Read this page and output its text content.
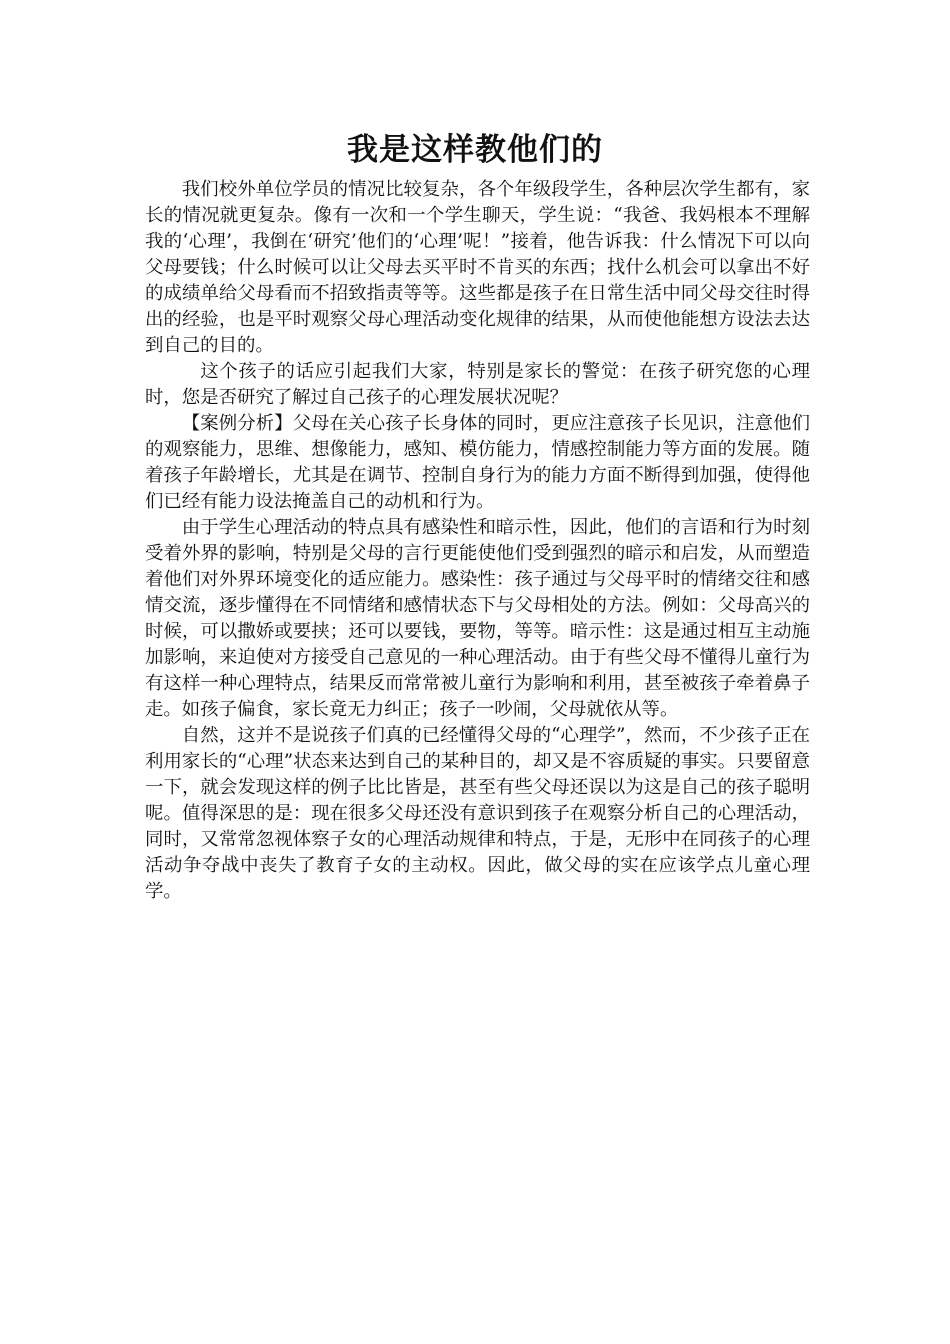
我是这样教他们的

我们校外单位学员的情况比较复杂，各个年级段学生，各种层次学生都有，家长的情况就更复杂。像有一次和一个学生聊天，学生说：“我爸、我妈根本不理解我的‘心理’，我倒在‘研究’他们的‘心理’呢！”接着，他告诉我：什么情况下可以向父母要钱；什么时候可以让父母去买平时不肯买的东西；找什么机会可以拿出不好的成绩单给父母看而不招致指责等等。这些都是孩子在日常生活中同父母交往时得出的经验，也是平时观察父母心理活动变化规律的结果，从而使他能想方设法去达到自己的目的。

这个孩子的话应引起我们大家，特别是家长的警觉：在孩子研究您的心理时，您是否研究了解过自己孩子的心理发展状况呢？

【案例分析】父母在关心孩子长身体的同时，更应注意孩子长见识，注意他们的观察能力，思维、想像能力，感知、模仿能力，情感控制能力等方面的发展。随着孩子年龄增长，尤其是在调节、控制自身行为的能力方面不断得到加强，使得他们已经有能力设法掩盖自己的动机和行为。

由于学生心理活动的特点具有感染性和暗示性，因此，他们的言语和行为时刻受着外界的影响，特别是父母的言行更能使他们受到强烈的暗示和启发，从而塑造着他们对外界环境变化的适应能力。感染性：孩子通过与父母平时的情绪交往和感情交流，逐步懂得在不同情绪和感情状态下与父母相处的方法。例如：父母高兴的时候，可以撒娇或要挟；还可以要钱，要物，等等。暗示性：这是通过相互主动施加影响，来迫使对方接受自己意见的一种心理活动。由于有些父母不懂得儿童行为有这样一种心理特点，结果反而常常被儿童行为影响和利用，甚至被孩子牵着鼻子走。如孩子偏食，家长竟无力纠正；孩子一吵闹，父母就依从等。

自然，这并不是说孩子们真的已经懂得父母的“心理学”，然而，不少孩子正在利用家长的“心理”状态来达到自己的某种目的，却又是不容质疑的事实。只要留意一下，就会发现这样的例子比比皆是，甚至有些父母还误以为这是自己的孩子聪明呢。值得深思的是：现在很多父母还没有意识到孩子在观察分析自己的心理活动，同时，又常常忽视体察子女的心理活动规律和特点，于是，无形中在同孩子的心理活动争夺战中丧失了教育子女的主动权。因此，做父母的实在应该学点儿童心理学。
